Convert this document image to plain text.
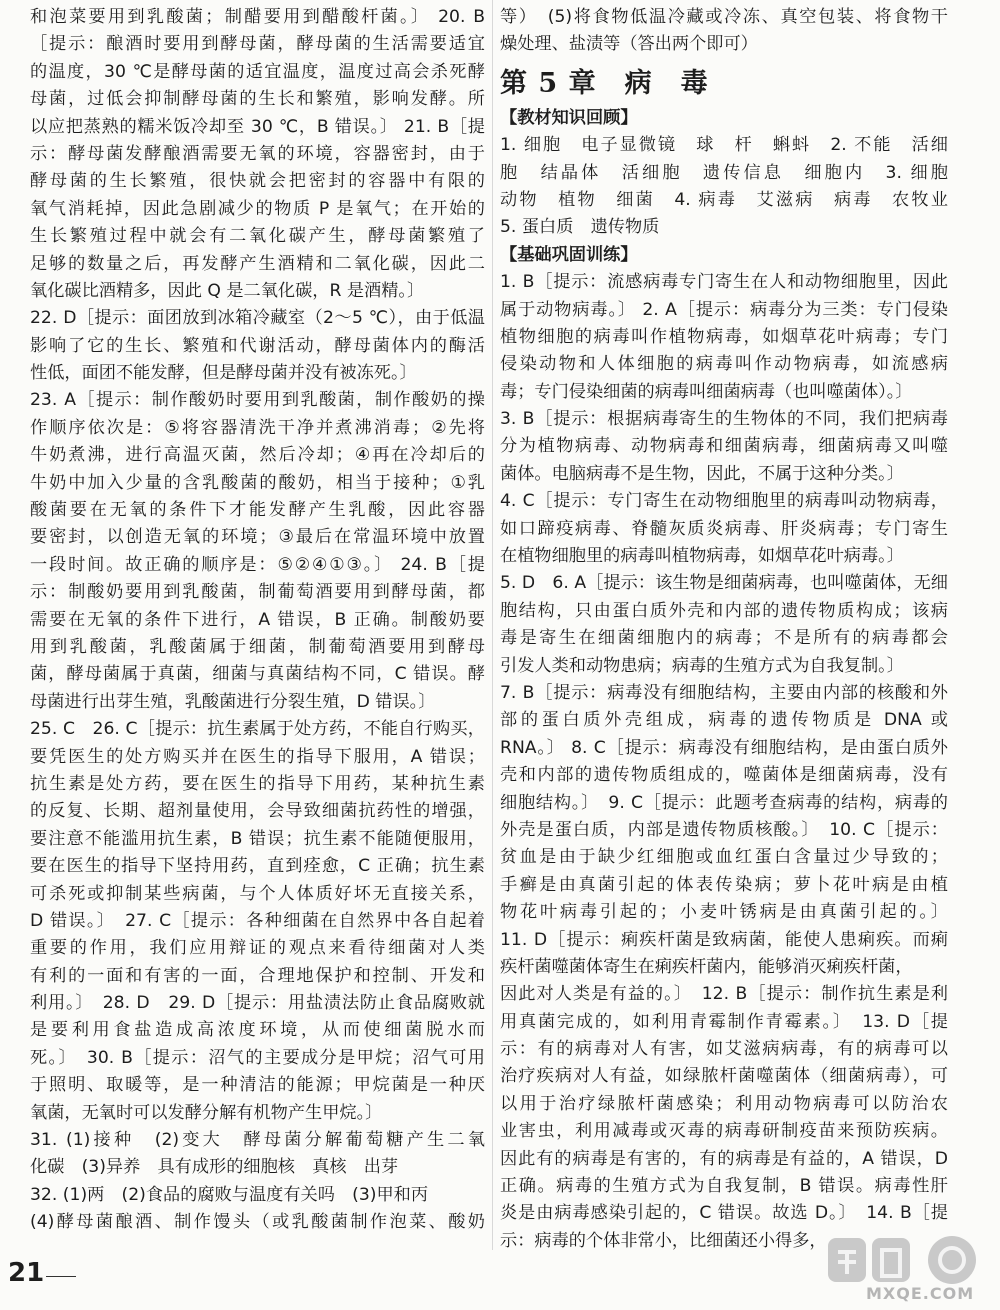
和泡菜要用到乳酸菌；制醋要用到醋酸杆菌。〕 20. B
［提示：酿酒时要用到酵母菌，酵母菌的生活需要适宜
的温度，30 ℃是酵母菌的适宜温度，温度过高会杀死酵
母菌，过低会抑制酵母菌的生长和繁殖，影响发酵。所
以应把蒸熟的糯米饭冷却至 30 ℃，B 错误。〕 21. B［提
示：酵母菌发酵酿酒需要无氧的环境，容器密封，由于
酵母菌的生长繁殖，很快就会把密封的容器中有限的
氧气消耗掉，因此急剧减少的物质 P 是氧气；在开始的
生长繁殖过程中就会有二氧化碳产生，酵母菌繁殖了
足够的数量之后，再发酵产生酒精和二氧化碳，因此二
氧化碳比酒精多，因此 Q 是二氧化碳，R 是酒精。〕
22. D［提示：面团放到冰箱冷藏室（2～5 ℃），由于低温
影响了它的生长、繁殖和代谢活动，酵母菌体内的酶活
性低，面团不能发酵，但是酵母菌并没有被冻死。〕
23. A［提示：制作酸奶时要用到乳酸菌，制作酸奶的操
作顺序依次是：⑤将容器清洗干净并煮沸消毒；②先将
牛奶煮沸，进行高温灭菌，然后冷却；④再在冷却后的
牛奶中加入少量的含乳酸菌的酸奶，相当于接种；①乳
酸菌要在无氧的条件下才能发酵产生乳酸，因此容器
要密封，以创造无氧的环境；③最后在常温环境中放置
一段时间。故正确的顺序是：⑤②④①③。〕 24. B［提
示：制酸奶要用到乳酸菌，制葡萄酒要用到酵母菌，都
需要在无氧的条件下进行，A 错误，B 正确。制酸奶要
用到乳酸菌，乳酸菌属于细菌，制葡萄酒要用到酵母
菌，酵母菌属于真菌，细菌与真菌结构不同，C 错误。酵
母菌进行出芽生殖，乳酸菌进行分裂生殖，D 错误。〕
25. C　26. C［提示：抗生素属于处方药，不能自行购买，
要凭医生的处方购买并在医生的指导下服用，A 错误；
抗生素是处方药，要在医生的指导下用药，某种抗生素
的反复、长期、超剂量使用，会导致细菌抗药性的增强，
要注意不能滥用抗生素，B 错误；抗生素不能随便服用，
要在医生的指导下坚持用药，直到痊愈，C 正确；抗生素
可杀死或抑制某些病菌，与个人体质好坏无直接关系，
D 错误。〕　27. C［提示：各种细菌在自然界中各自起着
重要的作用，我们应用辩证的观点来看待细菌对人类
有利的一面和有害的一面，合理地保护和控制、开发和
利用。〕　28. D　29. D［提示：用盐渍法防止食品腐败就
是要利用食盐造成高浓度环境，从而使细菌脱水而
死。〕　30. B［提示：沼气的主要成分是甲烷；沼气可用
于照明、取暖等，是一种清洁的能源；甲烷菌是一种厌
氧菌，无氧时可以发酵分解有机物产生甲烷。〕
31. (1)接种　(2)变大　酵母菌分解葡萄糖产生二氧
化碳　(3)异养　具有成形的细胞核　真核　出芽
32. (1)两　(2)食品的腐败与温度有关吗　(3)甲和丙
(4)酵母菌酿酒、制作馒头（或乳酸菌制作泡菜、酸奶
等）　(5)将食物低温冷藏或冷冻、真空包装、将食物干
燥处理、盐渍等（答出两个即可）
第 5 章　病　毒
【教材知识回顾】
1. 细胞　电子显微镜　球　杆　蝌蚪　2. 不能　活细
胞　结晶体　活细胞　遗传信息　细胞内　3. 细胞
动物　植物　细菌　4. 病毒　艾滋病　病毒　农牧业
5. 蛋白质　遗传物质
【基础巩固训练】
1. B［提示：流感病毒专门寄生在人和动物细胞里，因此
属于动物病毒。〕 2. A［提示：病毒分为三类：专门侵染
植物细胞的病毒叫作植物病毒，如烟草花叶病毒；专门
侵染动物和人体细胞的病毒叫作动物病毒，如流感病
毒；专门侵染细菌的病毒叫细菌病毒（也叫噬菌体）。〕
3. B［提示：根据病毒寄生的生物体的不同，我们把病毒
分为植物病毒、动物病毒和细菌病毒，细菌病毒又叫噬
菌体。电脑病毒不是生物，因此，不属于这种分类。〕
4. C［提示：专门寄生在动物细胞里的病毒叫动物病毒，
如口蹄疫病毒、脊髓灰质炎病毒、肝炎病毒；专门寄生
在植物细胞里的病毒叫植物病毒，如烟草花叶病毒。〕
5. D　6. A［提示：该生物是细菌病毒，也叫噬菌体，无细
胞结构，只由蛋白质外壳和内部的遗传物质构成；该病
毒是寄生在细菌细胞内的病毒；不是所有的病毒都会
引发人类和动物患病；病毒的生殖方式为自我复制。〕
7. B［提示：病毒没有细胞结构，主要由内部的核酸和外
部的蛋白质外壳组成，病毒的遗传物质是 DNA 或
RNA。〕 8. C［提示：病毒没有细胞结构，是由蛋白质外
壳和内部的遗传物质组成的，噬菌体是细菌病毒，没有
细胞结构。〕　9. C［提示：此题考查病毒的结构，病毒的
外壳是蛋白质，内部是遗传物质核酸。〕　10. C［提示：
贫血是由于缺少红细胞或血红蛋白含量过少导致的；
手癣是由真菌引起的体表传染病；萝卜花叶病是由植
物花叶病毒引起的；小麦叶锈病是由真菌引起的。〕
11. D［提示：痢疾杆菌是致病菌，能使人患痢疾。而痢
疾杆菌噬菌体寄生在痢疾杆菌内，能够消灭痢疾杆菌，
因此对人类是有益的。〕　12. B［提示：制作抗生素是利
用真菌完成的，如利用青霉制作青霉素。〕　13. D［提
示：有的病毒对人有害，如艾滋病病毒，有的病毒可以
治疗疾病对人有益，如绿脓杆菌噬菌体（细菌病毒），可
以用于治疗绿脓杆菌感染；利用动物病毒可以防治农
业害虫，利用减毒或灭毒的病毒研制疫苗来预防疾病。
因此有的病毒是有害的，有的病毒是有益的，A 错误，D
正确。病毒的生殖方式为自我复制，B 错误。病毒性肝
炎是由病毒感染引起的，C 错误。故选 D。〕　14. B［提
示：病毒的个体非常小，比细菌还小得多，
21
MXQE.COM
